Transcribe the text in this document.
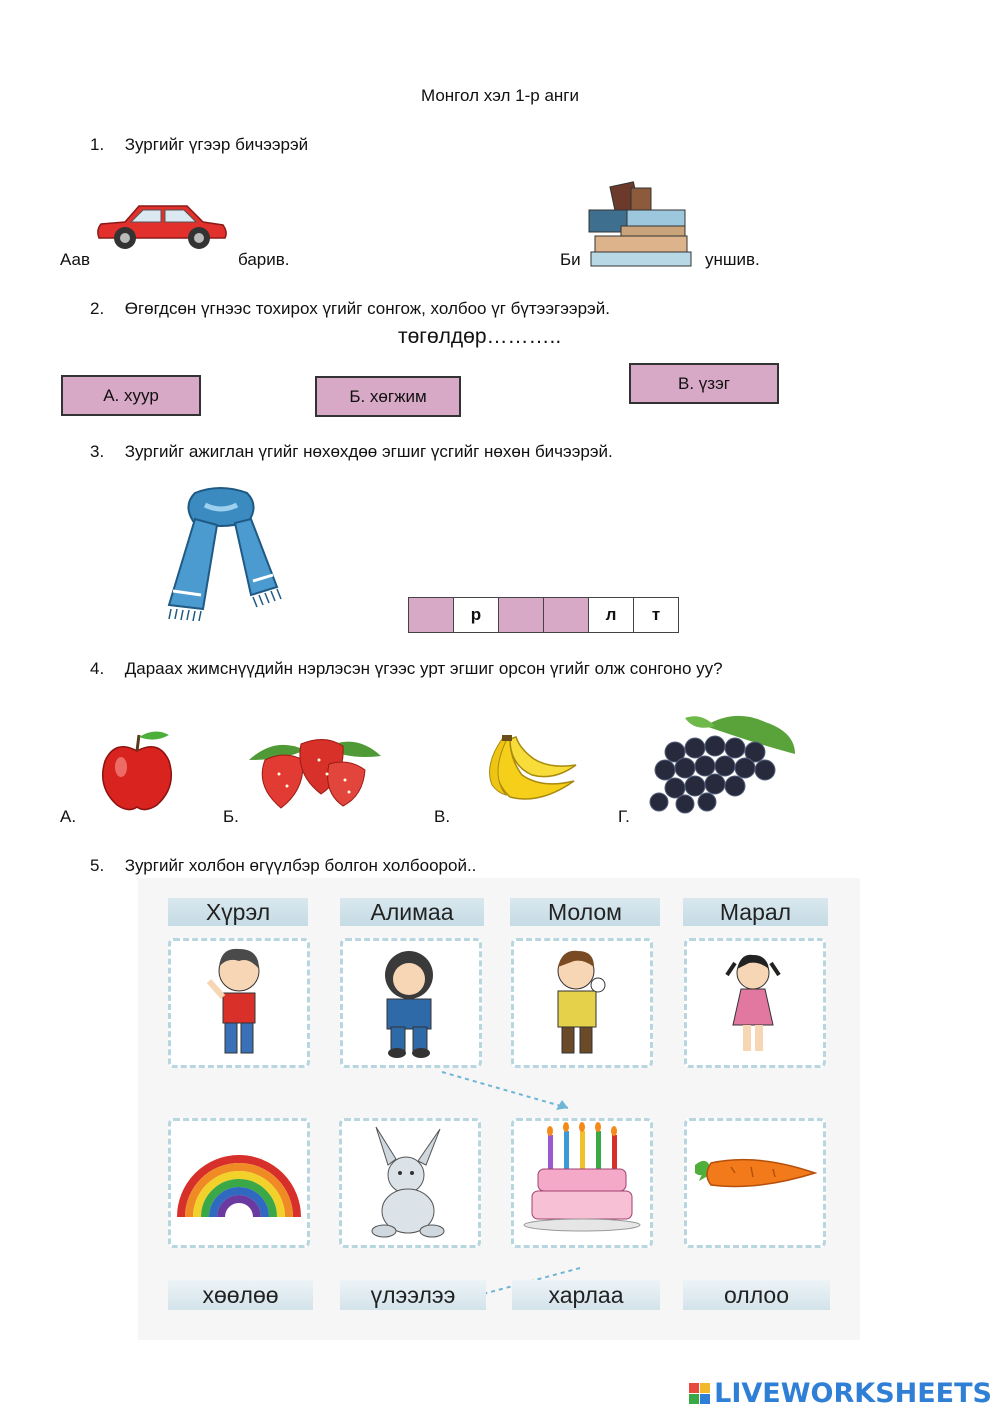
Монгол хэл 1-р анги
1. Зургийг үгээр бичээрэй
Аав	барив.	Би	уншив.
2. Өгөгдсөн үгнээс тохирох үгийг сонгож, холбоо үг бүтээгээрэй.
төгөлдөр………..
А. хуур	Б. хөгжим
В. үзэг
3. Зургийг ажиглан үгийг нөхөхдөө эгшиг үсгийг нөхөн бичээрэй.
р	л	т
4. Дараах жимснүүдийн нэрлэсэн үгээс урт эгшиг орсон үгийг олж сонгоно уу?
А.	Б.	В.	Г.
5. Зургийг холбон өгүүлбэр болгон холбоорой..
Хүрэл	Алимаа	Молом	Марал
хөөлөө	үлээлээ	харлаа	оллоо
LIVEWORKSHEETS
